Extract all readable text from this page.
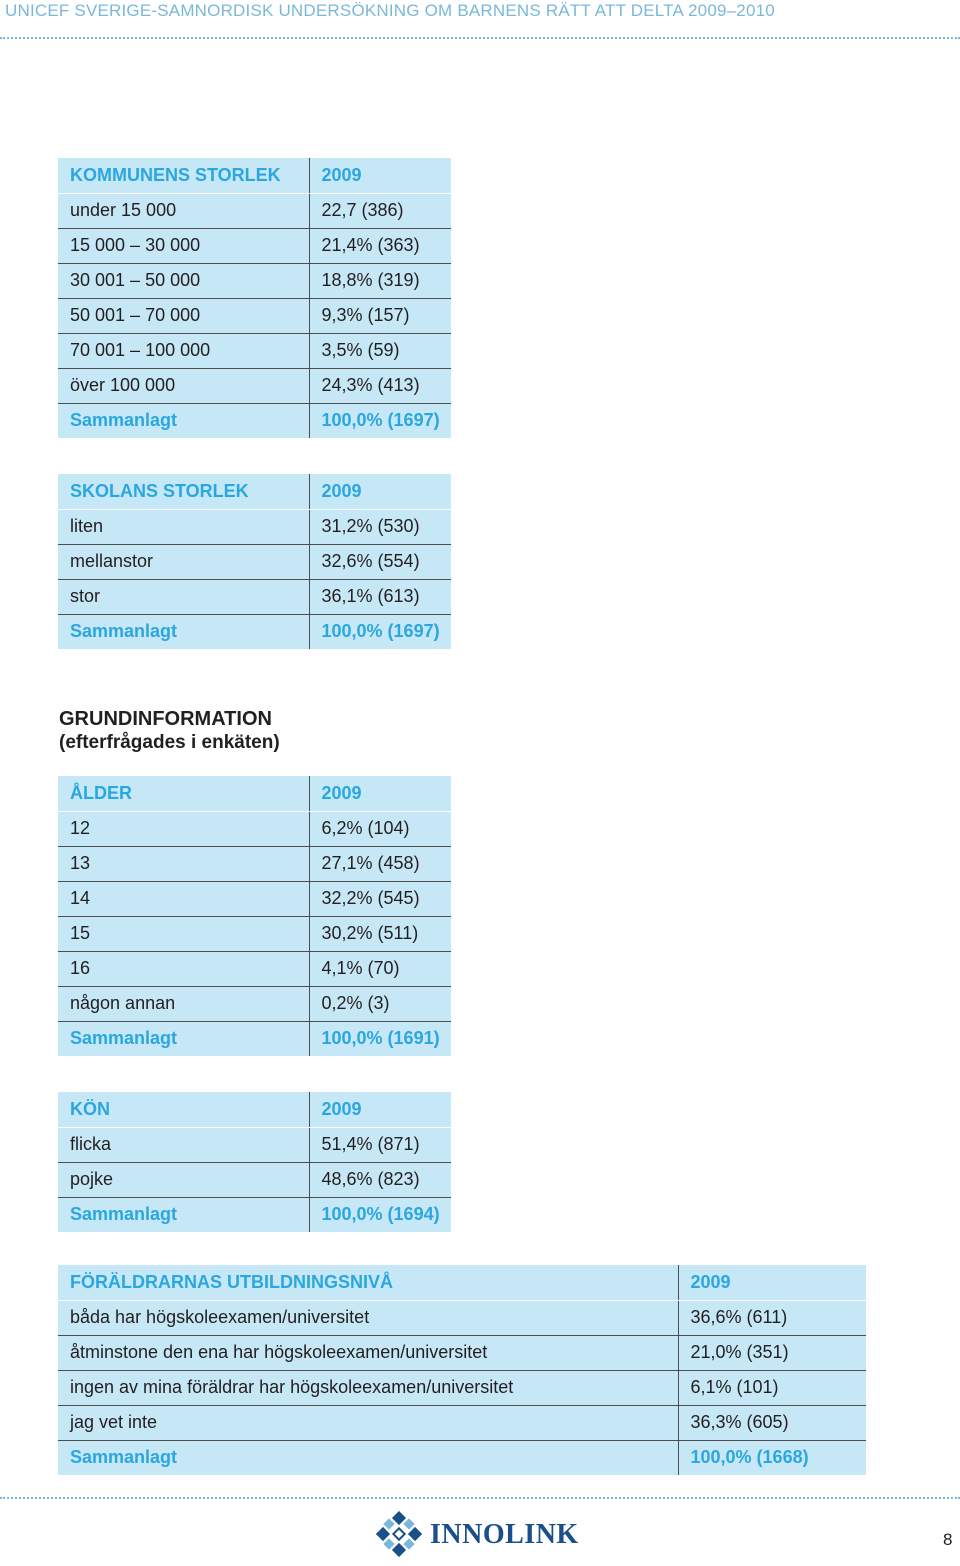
UNICEF SVERIGE-SAMNORDISK UNDERSÖKNING OM BARNENS RÄTT ATT DELTA 2009–2010
KOMMUNENS STORLEK	2009
under 15 000	22,7 (386)
15 000 – 30 000	21,4% (363)
30 001 – 50 000	18,8% (319)
50 001 – 70 000	9,3% (157)
70 001 – 100 000	3,5% (59)
över 100 000	24,3% (413)
Sammanlagt	100,0% (1697)
SKOLANS STORLEK	2009
liten	31,2% (530)
mellanstor	32,6% (554)
stor	36,1% (613)
Sammanlagt	100,0% (1697)
GRUNDINFORMATION
(efterfrågades i enkäten)
ÅLDER	2009
12	6,2% (104)
13	27,1% (458)
14	32,2% (545)
15	30,2% (511)
16	4,1% (70)
någon annan	0,2% (3)
Sammanlagt	100,0% (1691)
KÖN	2009
flicka	51,4% (871)
pojke	48,6% (823)
Sammanlagt	100,0% (1694)
FÖRÄLDRARNAS UTBILDNINGSNIVÅ	2009
båda har högskoleexamen/universitet	36,6% (611)
åtminstone den ena har högskoleexamen/universitet	21,0% (351)
ingen av mina föräldrar har högskoleexamen/universitet	6,1% (101)
jag vet inte	36,3% (605)
Sammanlagt	100,0% (1668)
INNOLINK	8
